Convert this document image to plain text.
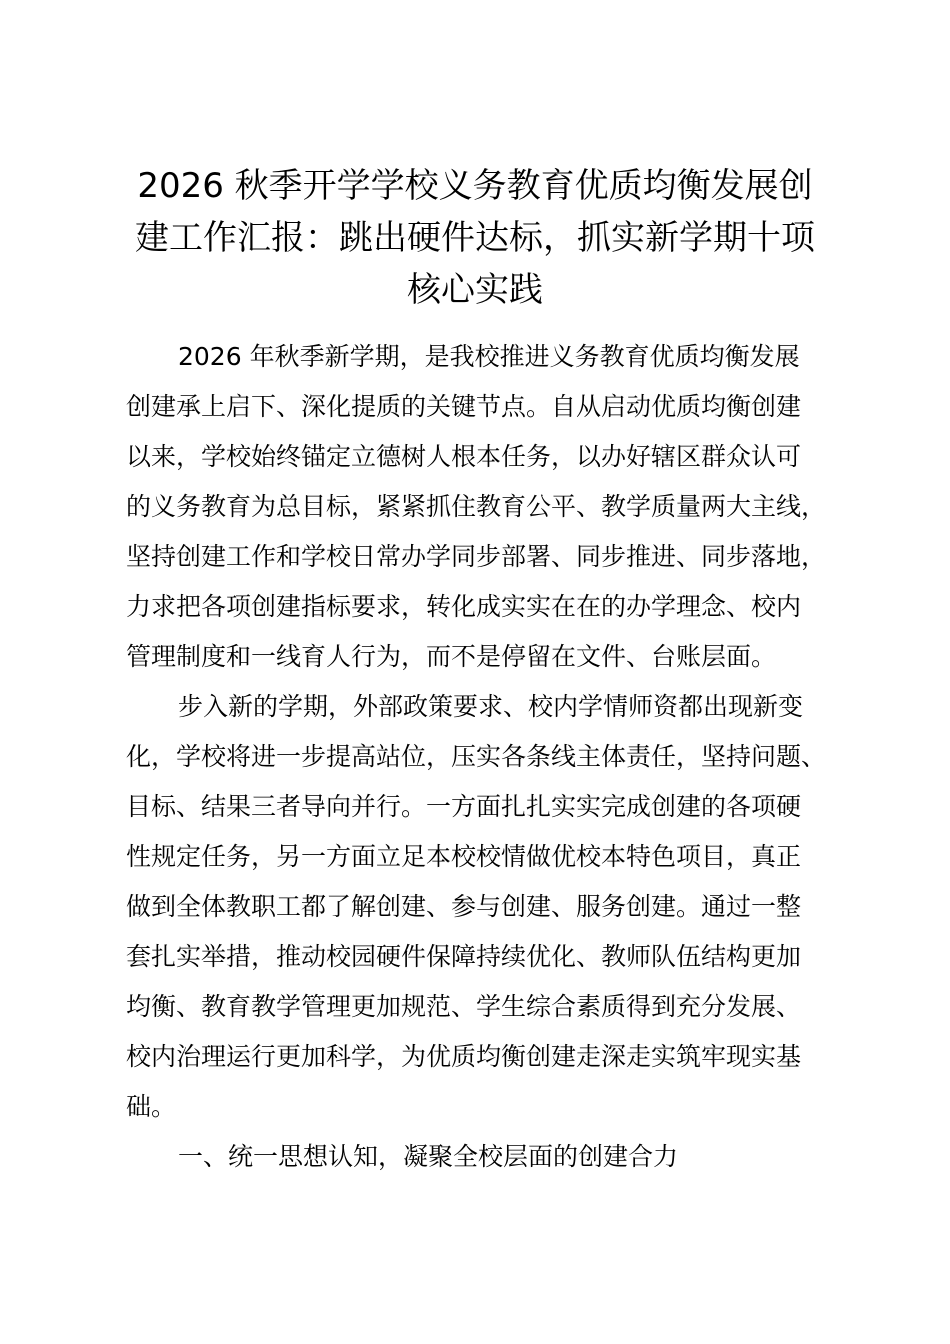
2026 秋季开学学校义务教育优质均衡发展创
建工作汇报：跳出硬件达标，抓实新学期十项
核心实践
2026 年秋季新学期，是我校推进义务教育优质均衡发展
创建承上启下、深化提质的关键节点。自从启动优质均衡创建
以来，学校始终锚定立德树人根本任务，以办好辖区群众认可
的义务教育为总目标，紧紧抓住教育公平、教学质量两大主线，
坚持创建工作和学校日常办学同步部署、同步推进、同步落地，
力求把各项创建指标要求，转化成实实在在的办学理念、校内
管理制度和一线育人行为，而不是停留在文件、台账层面。
步入新的学期，外部政策要求、校内学情师资都出现新变
化，学校将进一步提高站位，压实各条线主体责任，坚持问题、
目标、结果三者导向并行。一方面扎扎实实完成创建的各项硬
性规定任务，另一方面立足本校校情做优校本特色项目，真正
做到全体教职工都了解创建、参与创建、服务创建。通过一整
套扎实举措，推动校园硬件保障持续优化、教师队伍结构更加
均衡、教育教学管理更加规范、学生综合素质得到充分发展、
校内治理运行更加科学，为优质均衡创建走深走实筑牢现实基
础。
一、统一思想认知，凝聚全校层面的创建合力
